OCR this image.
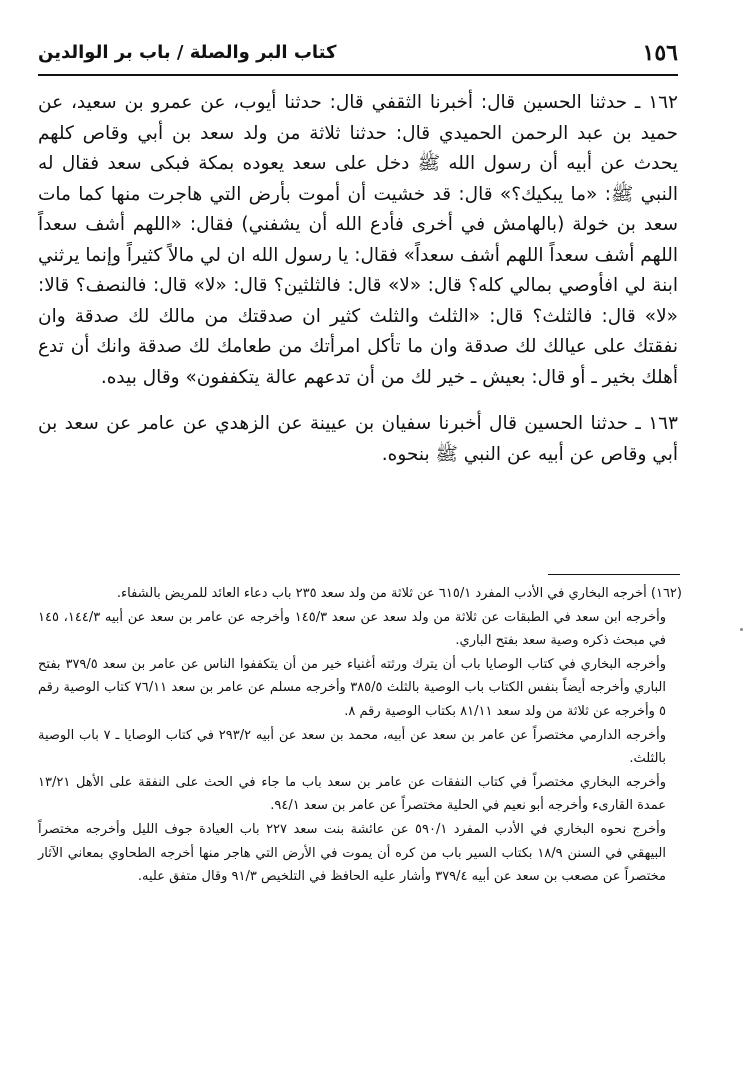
١٥٦
كتاب البر والصلة / باب بر الوالدين

١٦٢ ـ حدثنا الحسين قال: أخبرنا الثقفي قال: حدثنا أيوب، عن عمرو بن سعيد، عن حميد بن عبد الرحمن الحميدي قال: حدثنا ثلاثة من ولد سعد بن أبي وقاص كلهم يحدث عن أبيه أن رسول الله ﷺ دخل على سعد يعوده بمكة فبكى سعد فقال له النبي ﷺ: «ما يبكيك؟» قال: قد خشيت أن أموت بأرض التي هاجرت منها كما مات سعد بن خولة (بالهامش في أخرى فأدع الله أن يشفني) فقال: «اللهم أشف سعداً اللهم أشف سعداً اللهم أشف سعداً» فقال: يا رسول الله ان لي مالاً كثيراً وإنما يرثني ابنة لي افأوصي بمالي كله؟ قال: «لا» قال: فالثلثين؟ قال: «لا» قال: فالنصف؟ قالا: «لا» قال: فالثلث؟ قال: «الثلث والثلث كثير ان صدقتك من مالك لك صدقة وان نفقتك على عيالك لك صدقة وان ما تأكل امرأتك من طعامك لك صدقة وانك أن تدع أهلك بخير ـ أو قال: بعيش ـ خير لك من أن تدعهم عالة يتكففون» وقال بيده.

١٦٣ ـ حدثنا الحسين قال أخبرنا سفيان بن عيينة عن الزهدي عن عامر عن سعد بن أبي وقاص عن أبيه عن النبي ﷺ بنحوه.

(١٦٢) أخرجه البخاري في الأدب المفرد ٦١٥/١ عن ثلاثة من ولد سعد ٢٣٥ باب دعاء العائد للمريض بالشفاء.

وأخرجه ابن سعد في الطبقات عن ثلاثة من ولد سعد عن سعد ١٤٥/٣ وأخرجه عن عامر بن سعد عن أبيه ١٤٤/٣، ١٤٥ في مبحث ذكره وصية سعد بفتح الباري.

وأخرجه البخاري في كتاب الوصايا باب أن يترك ورثته أغنياء خير من أن يتكففوا الناس عن عامر بن سعد ٣٧٩/٥ بفتح الباري وأخرجه أيضاً بنفس الكتاب باب الوصية بالثلث ٣٨٥/٥ وأخرجه مسلم عن عامر بن سعد ٧٦/١١ كتاب الوصية رقم ٥ وأخرجه عن ثلاثة من ولد سعد ٨١/١١ بكتاب الوصية رقم ٨.

وأخرجه الدارمي مختصراً عن عامر بن سعد عن أبيه، محمد بن سعد عن أبيه ٢٩٣/٢ في كتاب الوصايا ـ ٧ باب الوصية بالثلث.

وأخرجه البخاري مختصراً في كتاب النفقات عن عامر بن سعد باب ما جاء في الحث على النفقة على الأهل ١٣/٢١ عمدة القارىء وأخرجه أبو نعيم في الحلية مختصراً عن عامر بن سعد ٩٤/١.

وأخرج نحوه البخاري في الأدب المفرد ٥٩٠/١ عن عائشة بنت سعد ٢٢٧ باب العيادة جوف الليل وأخرجه مختصراً البيهقي في السنن ١٨/٩ بكتاب السير باب من كره أن يموت في الأرض التي هاجر منها أخرجه الطحاوي بمعاني الآثار مختصراً عن مصعب بن سعد عن أبيه ٣٧٩/٤ وأشار عليه الحافظ في التلخيص ٩١/٣ وقال متفق عليه.
